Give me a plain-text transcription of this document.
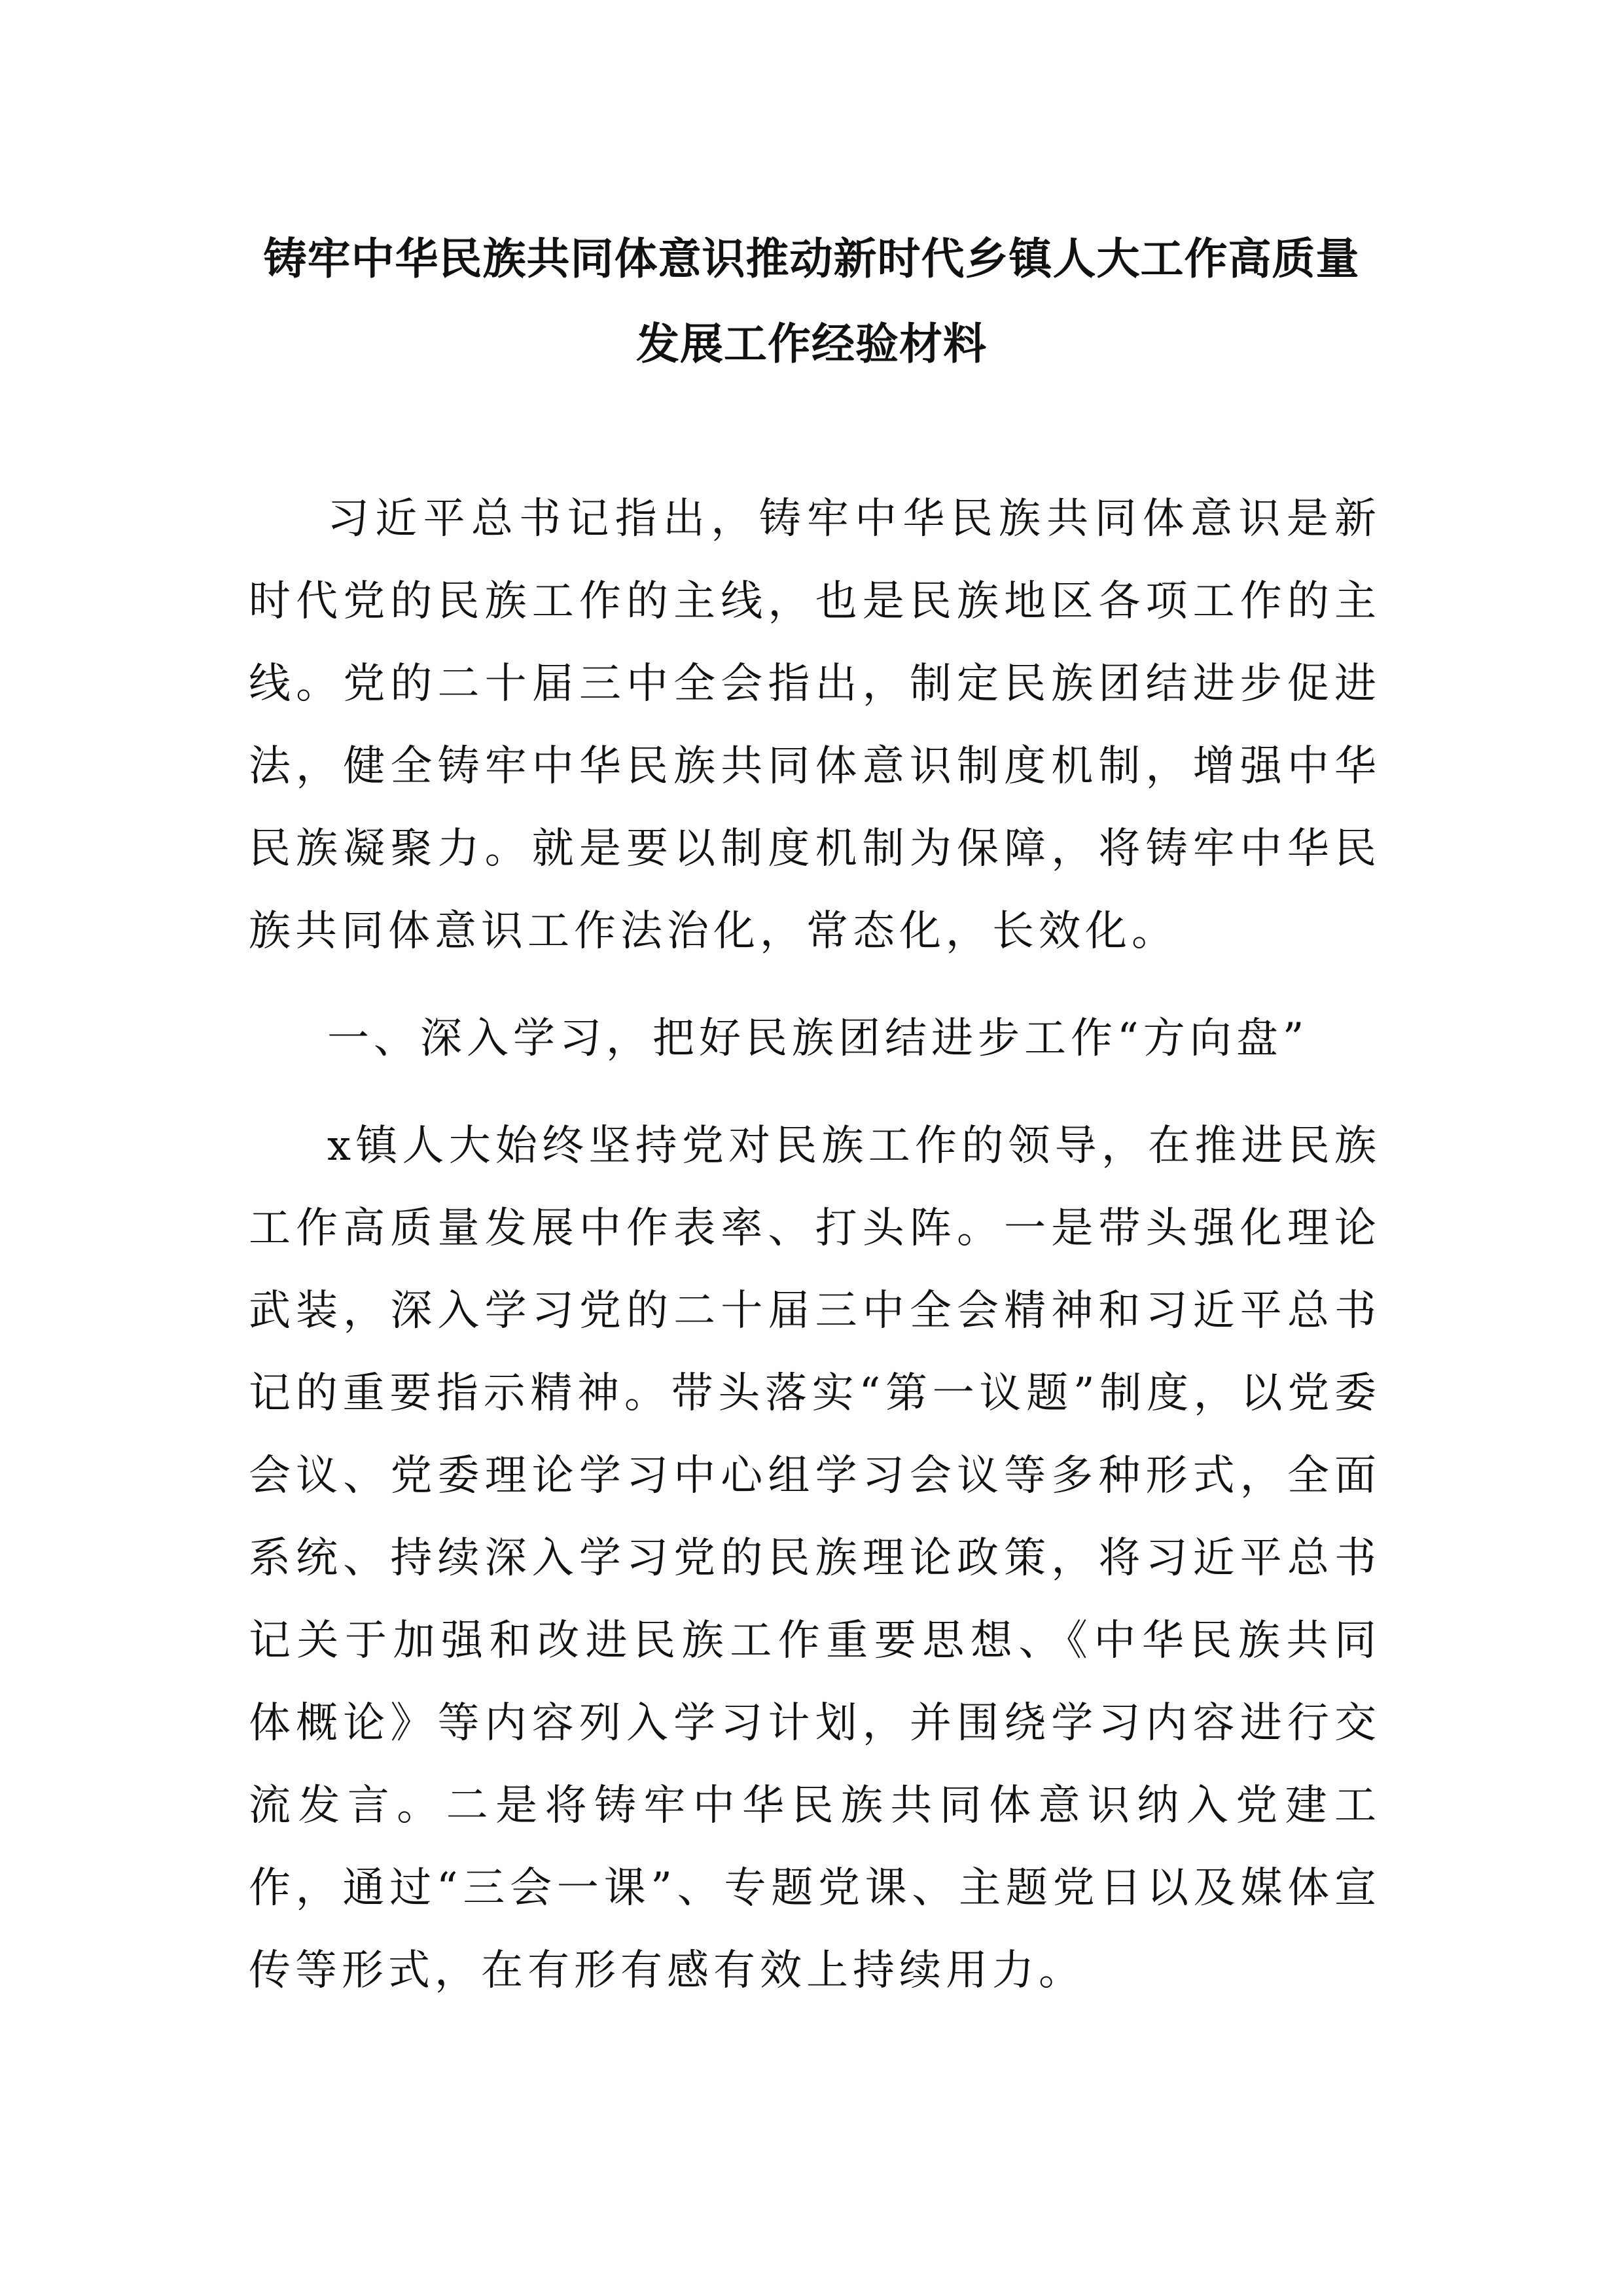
铸牢中华民族共同体意识推动新时代乡镇人大工作高质量
发展工作经验材料

习近平总书记指出，铸牢中华民族共同体意识是新时代党的民族工作的主线，也是民族地区各项工作的主线。党的二十届三中全会指出，制定民族团结进步促进法，健全铸牢中华民族共同体意识制度机制，增强中华民族凝聚力。就是要以制度机制为保障，将铸牢中华民族共同体意识工作法治化，常态化，长效化。

一、深入学习，把好民族团结进步工作“方向盘”

x镇人大始终坚持党对民族工作的领导，在推进民族工作高质量发展中作表率、打头阵。一是带头强化理论武装，深入学习党的二十届三中全会精神和习近平总书记的重要指示精神。带头落实“第一议题”制度，以党委会议、党委理论学习中心组学习会议等多种形式，全面系统、持续深入学习党的民族理论政策，将习近平总书记关于加强和改进民族工作重要思想、《中华民族共同体概论》等内容列入学习计划，并围绕学习内容进行交流发言。二是将铸牢中华民族共同体意识纳入党建工作，通过“三会一课”、专题党课、主题党日以及媒体宣传等形式，在有形有感有效上持续用力。
